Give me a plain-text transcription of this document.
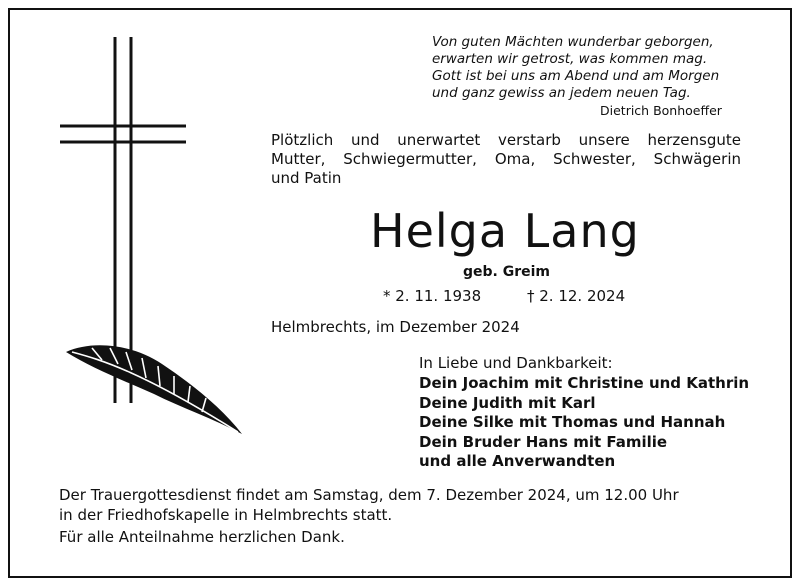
Von guten Mächten wunderbar geborgen,
erwarten wir getrost, was kommen mag.
Gott ist bei uns am Abend und am Morgen
und ganz gewiss an jedem neuen Tag.
Dietrich Bonhoeffer
Plötzlich und unerwartet verstarb unsere herzensgute
Mutter, Schwiegermutter, Oma, Schwester, Schwägerin
und Patin
Helga Lang
geb. Greim
* 2. 11. 1938	† 2. 12. 2024
Helmbrechts, im Dezember 2024
In Liebe und Dankbarkeit:
Dein Joachim mit Christine und Kathrin
Deine Judith mit Karl
Deine Silke mit Thomas und Hannah
Dein Bruder Hans mit Familie
und alle Anverwandten
Der Trauergottesdienst findet am Samstag, dem 7. Dezember 2024, um 12.00 Uhr
in der Friedhofskapelle in Helmbrechts statt.
Für alle Anteilnahme herzlichen Dank.
